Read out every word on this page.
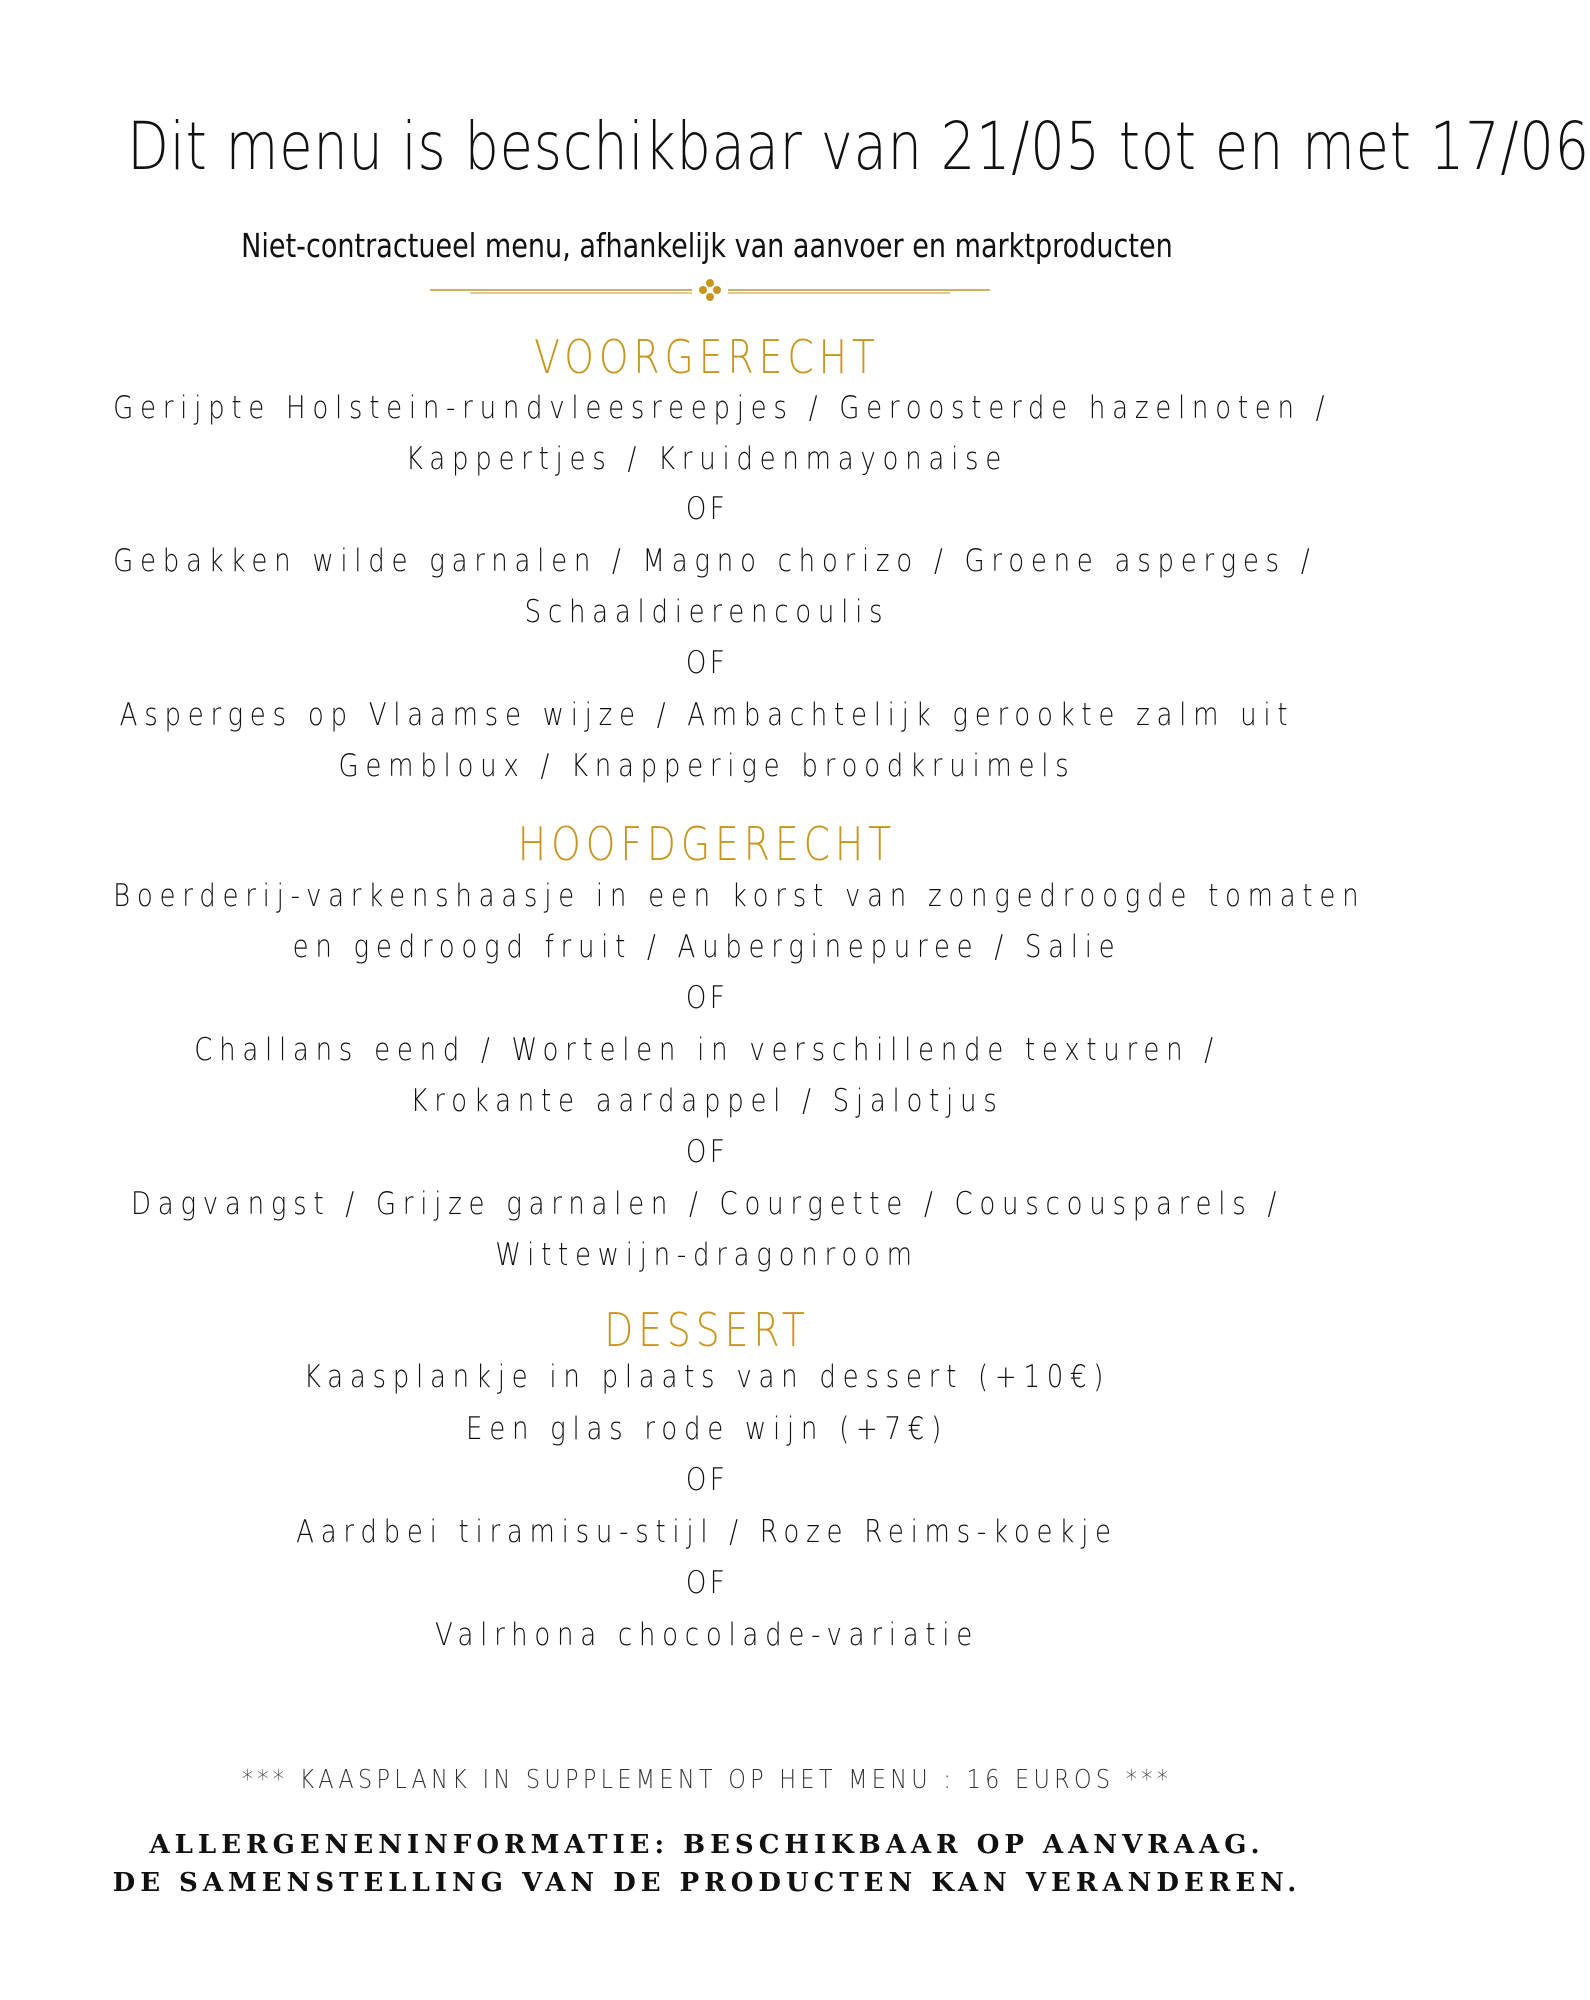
Dit menu is beschikbaar van 21/05 tot en met 17/06
Niet-contractueel menu, afhankelijk van aanvoer en marktproducten
VOORGERECHT
Gerijpte Holstein-rundvleesreepjes / Geroosterde hazelnoten /
Kappertjes / Kruidenmayonaise
OF
Gebakken wilde garnalen / Magno chorizo / Groene asperges /
Schaaldierencoulis
OF
Asperges op Vlaamse wijze / Ambachtelijk gerookte zalm uit
Gembloux / Knapperige broodkruimels
HOOFDGERECHT
Boerderij-varkenshaasje in een korst van zongedroogde tomaten
en gedroogd fruit / Auberginepuree / Salie
OF
Challans eend / Wortelen in verschillende texturen /
Krokante aardappel / Sjalotjus
OF
Dagvangst / Grijze garnalen / Courgette / Couscousparels /
Wittewijn-dragonroom
DESSERT
Kaasplankje in plaats van dessert (+10€)
Een glas rode wijn (+7€)
OF
Aardbei tiramisu-stijl / Roze Reims-koekje
OF
Valrhona chocolade-variatie
*** KAASPLANK IN SUPPLEMENT OP HET MENU : 16 EUROS ***
ALLERGENENINFORMATIE: BESCHIKBAAR OP AANVRAAG.
DE SAMENSTELLING VAN DE PRODUCTEN KAN VERANDEREN.
